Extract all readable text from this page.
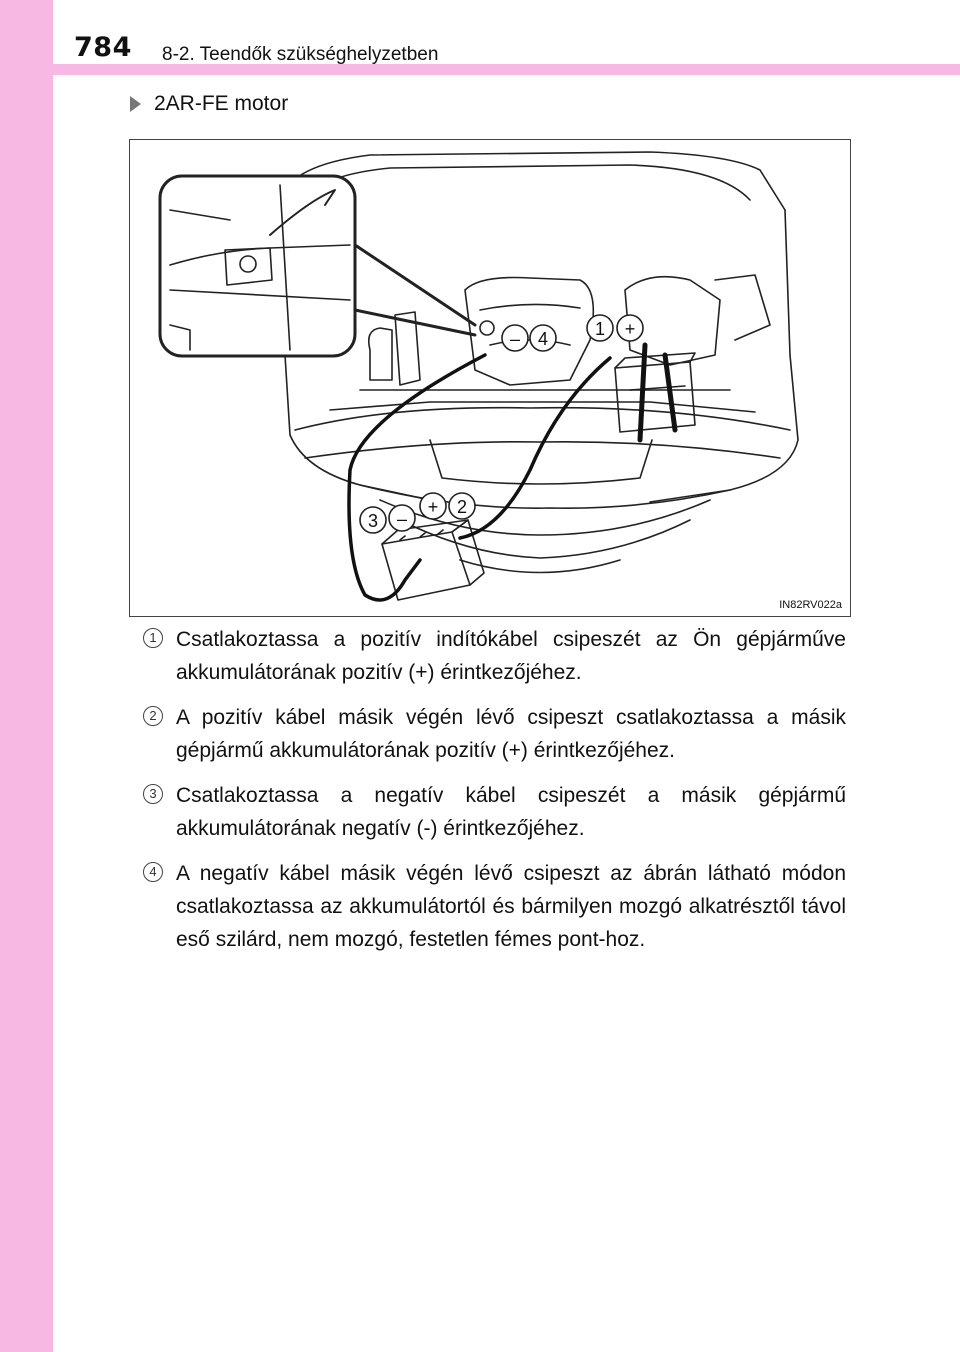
784 8-2. Teendők szükséghelyzetben
2AR-FE motor
– 4	1 +
3 –
+ 2
IN82RV022a
1 Csatlakoztassa a pozitív indítókábel csipeszét az Ön gépjárműve akkumulátorának pozitív (+) érintkezőjéhez.
2 A pozitív kábel másik végén lévő csipeszt csatlakoztassa a másik gépjármű akkumulátorának pozitív (+) érintkezőjéhez.
3 Csatlakoztassa a negatív kábel csipeszét a másik gépjármű akkumulátorának negatív (-) érintkezőjéhez.
4 A negatív kábel másik végén lévő csipeszt az ábrán látható módon csatlakoztassa az akkumulátortól és bármilyen mozgó alkatrésztől távol eső szilárd, nem mozgó, festetlen fémes pont-hoz.
